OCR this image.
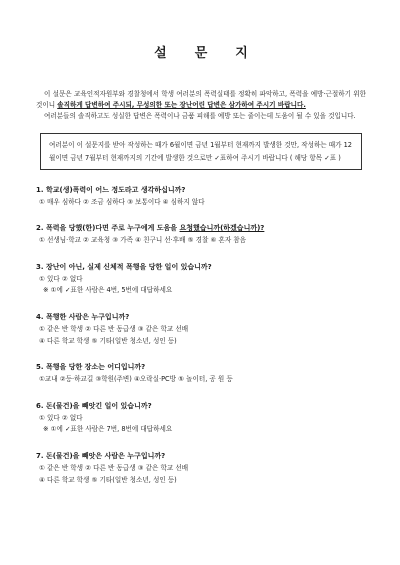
설 문 지

이 설문은 교육인적자원부와 경찰청에서 학생 여러분의 폭력실태를 정확히 파악하고, 폭력을 예방·근절하기 위한 것이니 솔직하게 답변하여 주시되, 무성의한 또는 장난어린 답변은 삼가하여 주시기 바랍니다.

여러분들의 솔직하고도 성실한 답변은 폭력이나 금품 피해를 예방 또는 줄이는데 도움이 될 수 있을 것입니다.

여러분이 이 설문지를 받아 작성하는 때가 6월이면 금년 1월부터 현재까지 발생한 것만, 작성하는 때가 12월이면 금년 7월부터 현재까지의 기간에 발생한 것으로만 ✓표하여 주시기 바랍니다 ( 해당 항목 ✓표 )
1. 학교(생)폭력이 어느 정도라고 생각하십니까?
① 매우 심하다 ② 조금 심하다 ③ 보통이다 ④ 심하지 않다
2. 폭력을 당했(한)다면 주로 누구에게 도움을 요청했습니까(하겠습니까)?
① 선생님·학교 ② 교육청 ③ 가족 ④ 친구니 선·후배 ⑤ 경찰 ⑥ 혼자 참음
3. 장난이 아닌, 실제 신체적 폭행을 당한 일이 있습니까?
① 있다 ② 없다
※ ①에 ✓표한 사람은 4번, 5번에 대답하세요
4. 폭행한 사람은 누구입니까?
① 같은 반 학생 ② 다른 반 동급생 ③ 같은 학교 선배
④ 다른 학교 학생 ⑤ 기타(일반 청소년, 성인 등)
5. 폭행을 당한 장소는 어디입니까?
①교내 ②등·하교길 ③학원(주변) ④오락실·PC방 ⑤ 놀이터, 공 원 등
6. 돈(물건)을 빼앗긴 일이 있습니까?
① 있다 ② 없다
※ ①에 ✓표한 사람은 7번, 8번에 대답하세요
7. 돈(물건)을 빼앗은 사람은 누구입니까?
① 같은 반 학생 ② 다른 반 동급생 ③ 같은 학교 선배
④ 다른 학교 학생 ⑤ 기타(일반 청소년, 성인 등)
